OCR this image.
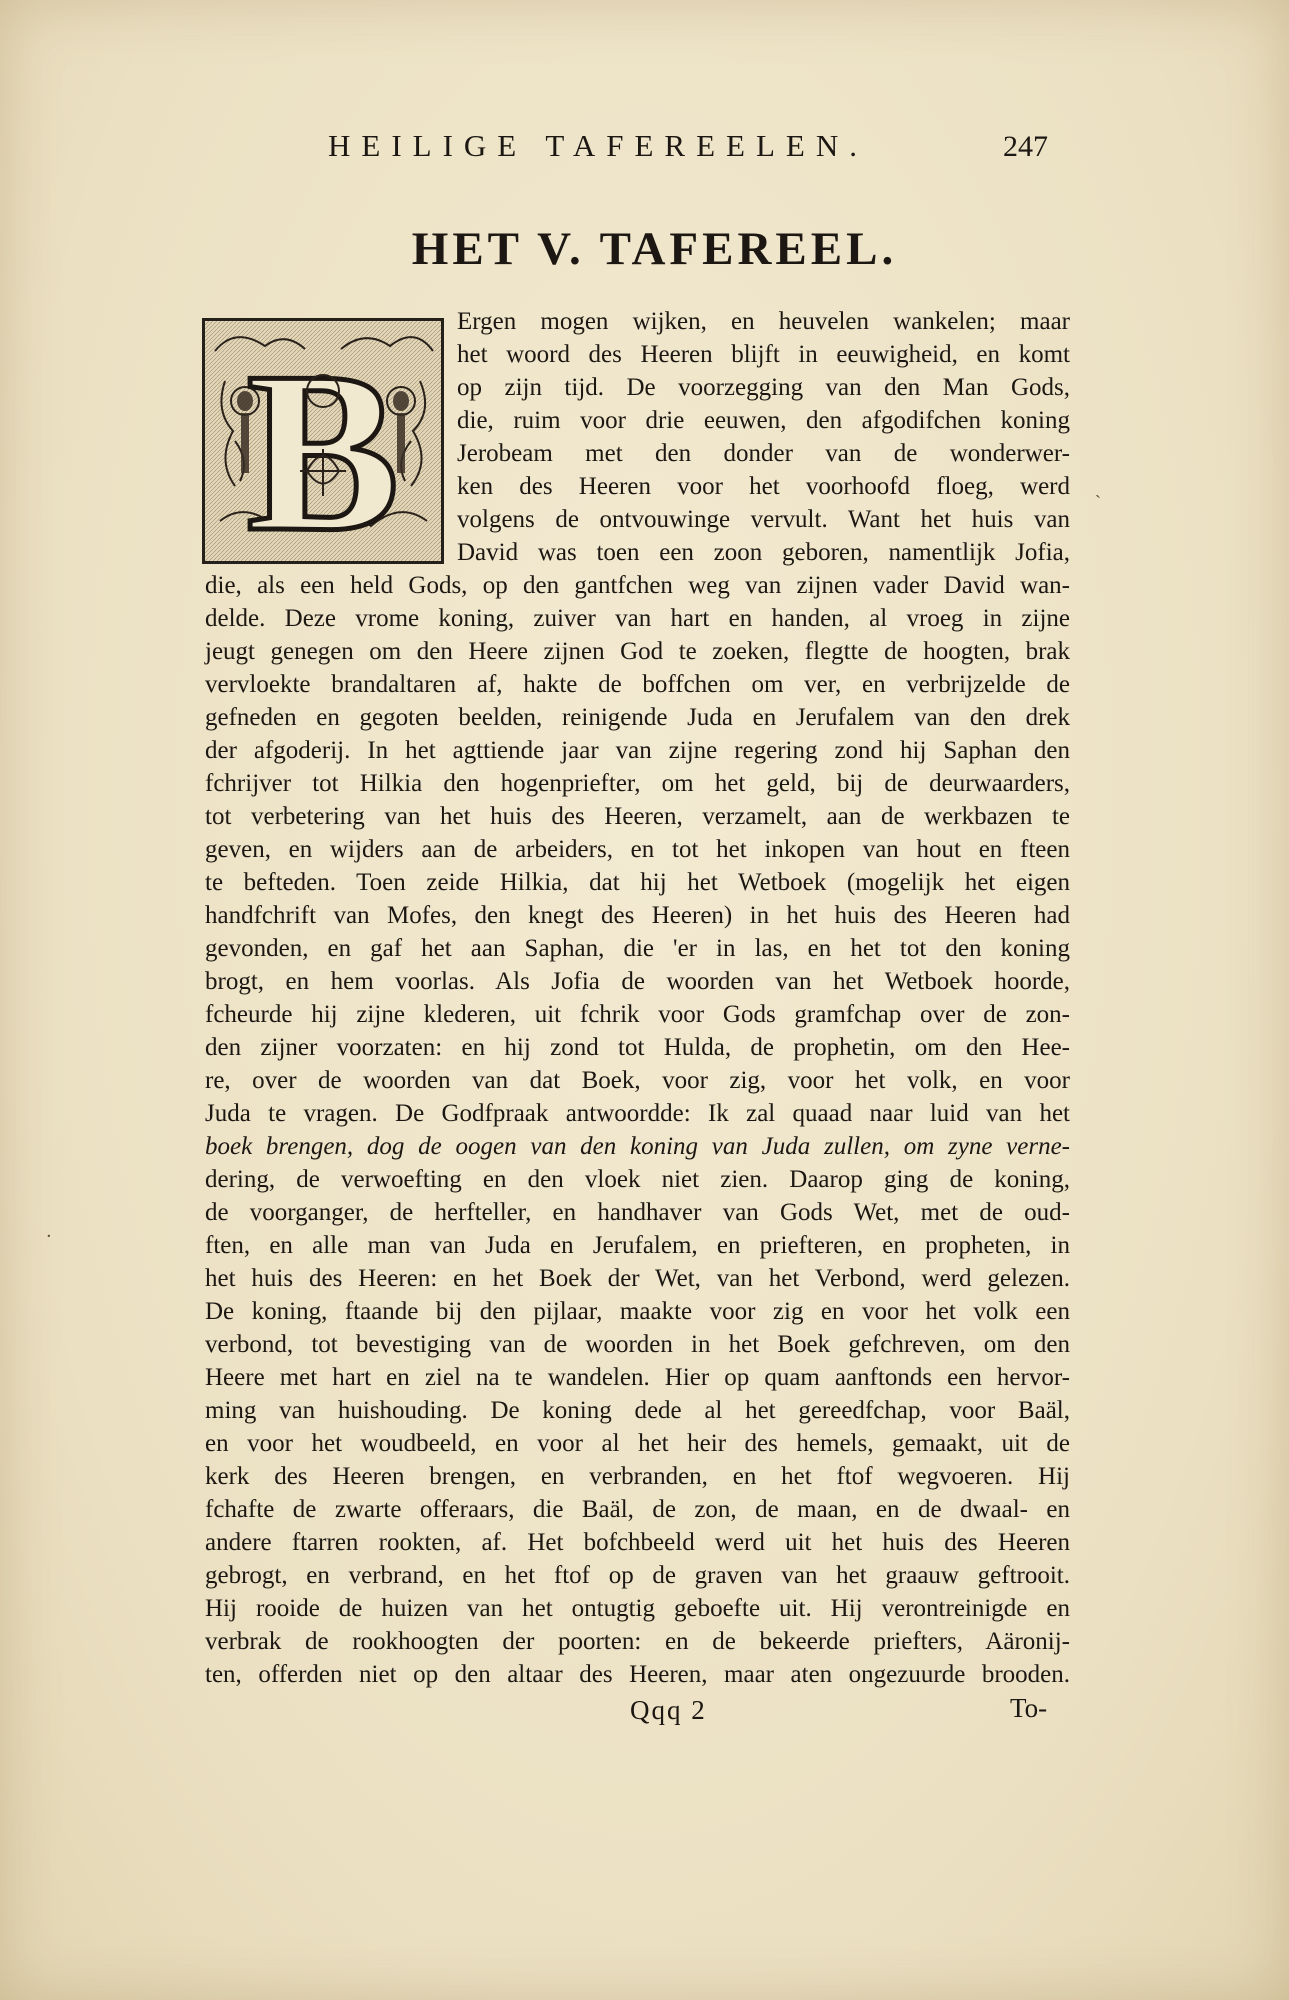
HEILIGE TAFEREELEN.	247
HET V. TAFEREEL.
B
Ergen mogen wijken, en heuvelen wankelen; maar
het woord des Heeren blijft in eeuwigheid, en komt
op zijn tijd. De voorzegging van den Man Gods,
die, ruim voor drie eeuwen, den afgodifchen koning
Jerobeam met den donder van de wonderwer-
ken des Heeren voor het voorhoofd floeg, werd
volgens de ontvouwinge vervult. Want het huis van
David was toen een zoon geboren, namentlijk Jofia,
die, als een held Gods, op den gantfchen weg van zijnen vader David wan-
delde. Deze vrome koning, zuiver van hart en handen, al vroeg in zijne
jeugt genegen om den Heere zijnen God te zoeken, flegtte de hoogten, brak
vervloekte brandaltaren af, hakte de boffchen om ver, en verbrijzelde de
gefneden en gegoten beelden, reinigende Juda en Jerufalem van den drek
der afgoderij. In het agttiende jaar van zijne regering zond hij Saphan den
fchrijver tot Hilkia den hogenpriefter, om het geld, bij de deurwaarders,
tot verbetering van het huis des Heeren, verzamelt, aan de werkbazen te
geven, en wijders aan de arbeiders, en tot het inkopen van hout en fteen
te befteden. Toen zeide Hilkia, dat hij het Wetboek (mogelijk het eigen
handfchrift van Mofes, den knegt des Heeren) in het huis des Heeren had
gevonden, en gaf het aan Saphan, die 'er in las, en het tot den koning
brogt, en hem voorlas. Als Jofia de woorden van het Wetboek hoorde,
fcheurde hij zijne klederen, uit fchrik voor Gods gramfchap over de zon-
den zijner voorzaten: en hij zond tot Hulda, de prophetin, om den Hee-
re, over de woorden van dat Boek, voor zig, voor het volk, en voor
Juda te vragen. De Godfpraak antwoordde: Ik zal quaad naar luid van het
boek brengen, dog de oogen van den koning van Juda zullen, om zyne verne-
dering, de verwoefting en den vloek niet zien. Daarop ging de koning,
de voorganger, de herfteller, en handhaver van Gods Wet, met de oud-
ften, en alle man van Juda en Jerufalem, en priefteren, en propheten, in
het huis des Heeren: en het Boek der Wet, van het Verbond, werd gelezen.
De koning, ftaande bij den pijlaar, maakte voor zig en voor het volk een
verbond, tot bevestiging van de woorden in het Boek gefchreven, om den
Heere met hart en ziel na te wandelen. Hier op quam aanftonds een hervor-
ming van huishouding. De koning dede al het gereedfchap, voor Baäl,
en voor het woudbeeld, en voor al het heir des hemels, gemaakt, uit de
kerk des Heeren brengen, en verbranden, en het ftof wegvoeren. Hij
fchafte de zwarte offeraars, die Baäl, de zon, de maan, en de dwaal- en
andere ftarren rookten, af. Het bofchbeeld werd uit het huis des Heeren
gebrogt, en verbrand, en het ftof op de graven van het graauw geftrooit.
Hij rooide de huizen van het ontugtig geboefte uit. Hij verontreinigde en
verbrak de rookhoogten der poorten: en de bekeerde priefters, Aäronij-
ten, offerden niet op den altaar des Heeren, maar aten ongezuurde brooden.
Qqq 2	To-
ˎ
·
